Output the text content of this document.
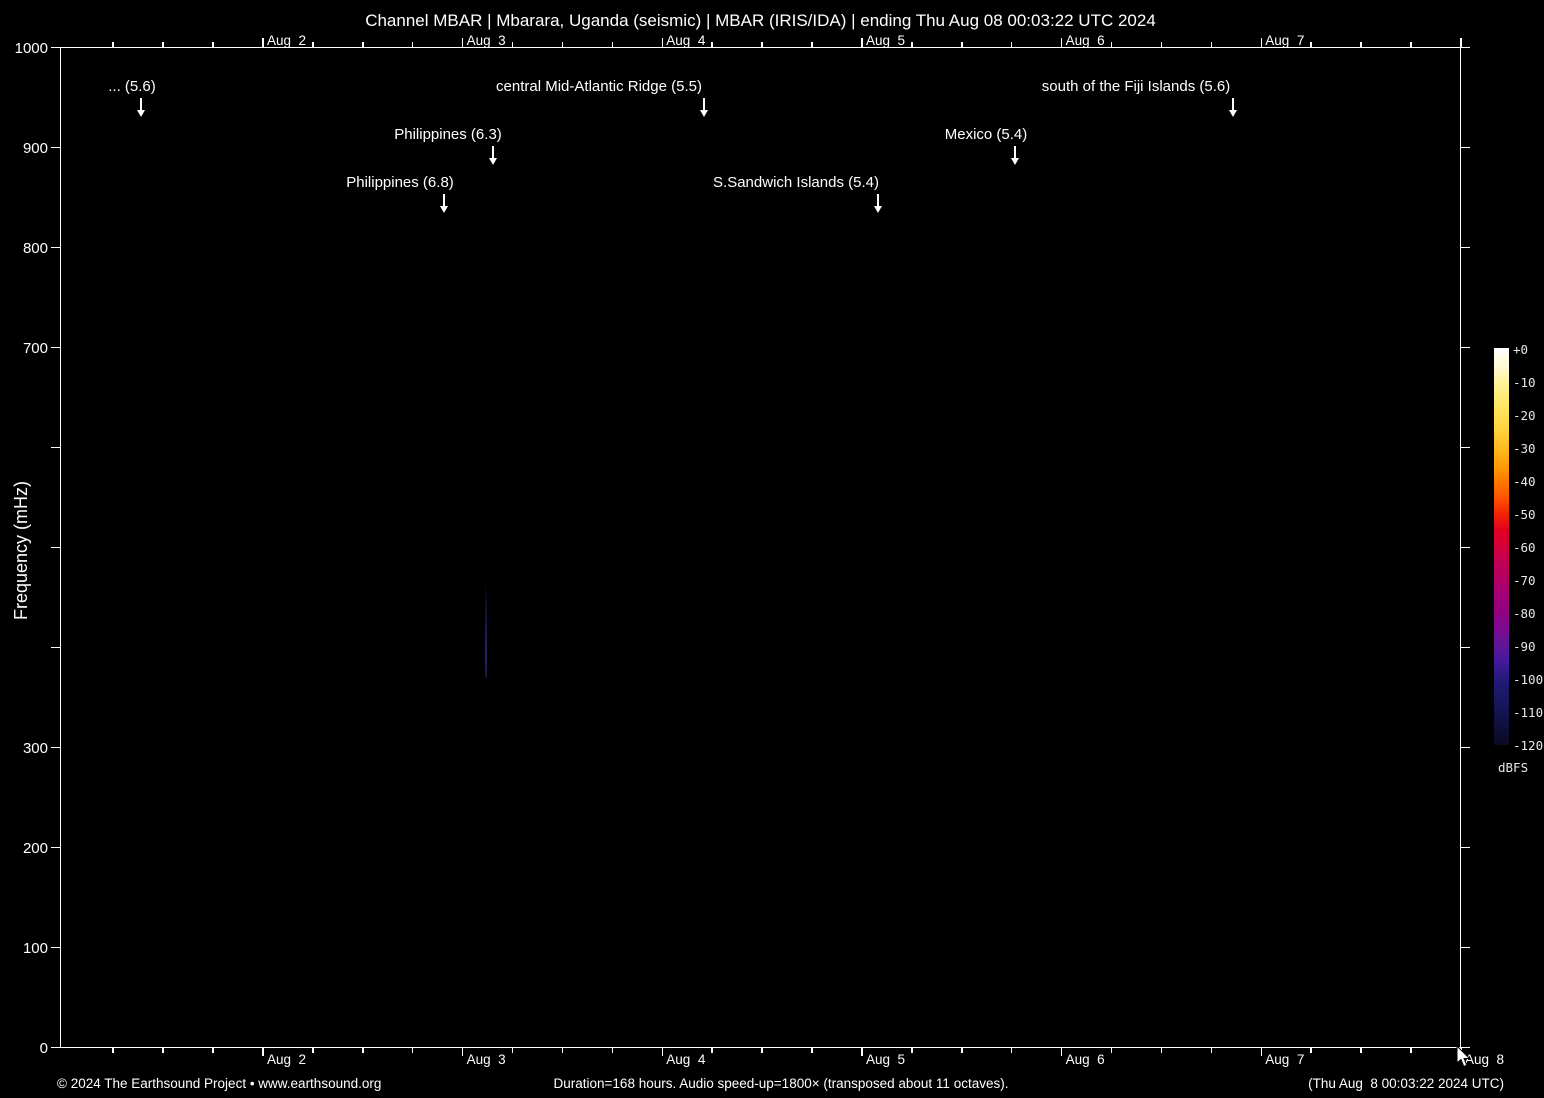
Channel MBAR | Mbarara, Uganda (seismic) | MBAR (IRIS/IDA) | ending Thu Aug 08 00:03:22 UTC 2024
Frequency (mHz)
Aug  2
Aug  2
Aug  3
Aug  3
Aug  4
Aug  4
Aug  5
Aug  5
Aug  6
Aug  6
Aug  7
Aug  7	Aug  8
0
100
200
300
700
800
900
1000
... (5.6)
Philippines (6.8)
Philippines (6.3)
central Mid-Atlantic Ridge (5.5)
S.Sandwich Islands (5.4)
Mexico (5.4)
south of the Fiji Islands (5.6)
+0
-10
-20
-30
-40
-50
-60
-70
-80
-90
-100
-110
-120
dBFS
© 2024 The Earthsound Project • www.earthsound.org	Duration=168 hours. Audio speed-up=1800× (transposed about 11 octaves).	(Thu Aug  8 00:03:22 2024 UTC)
